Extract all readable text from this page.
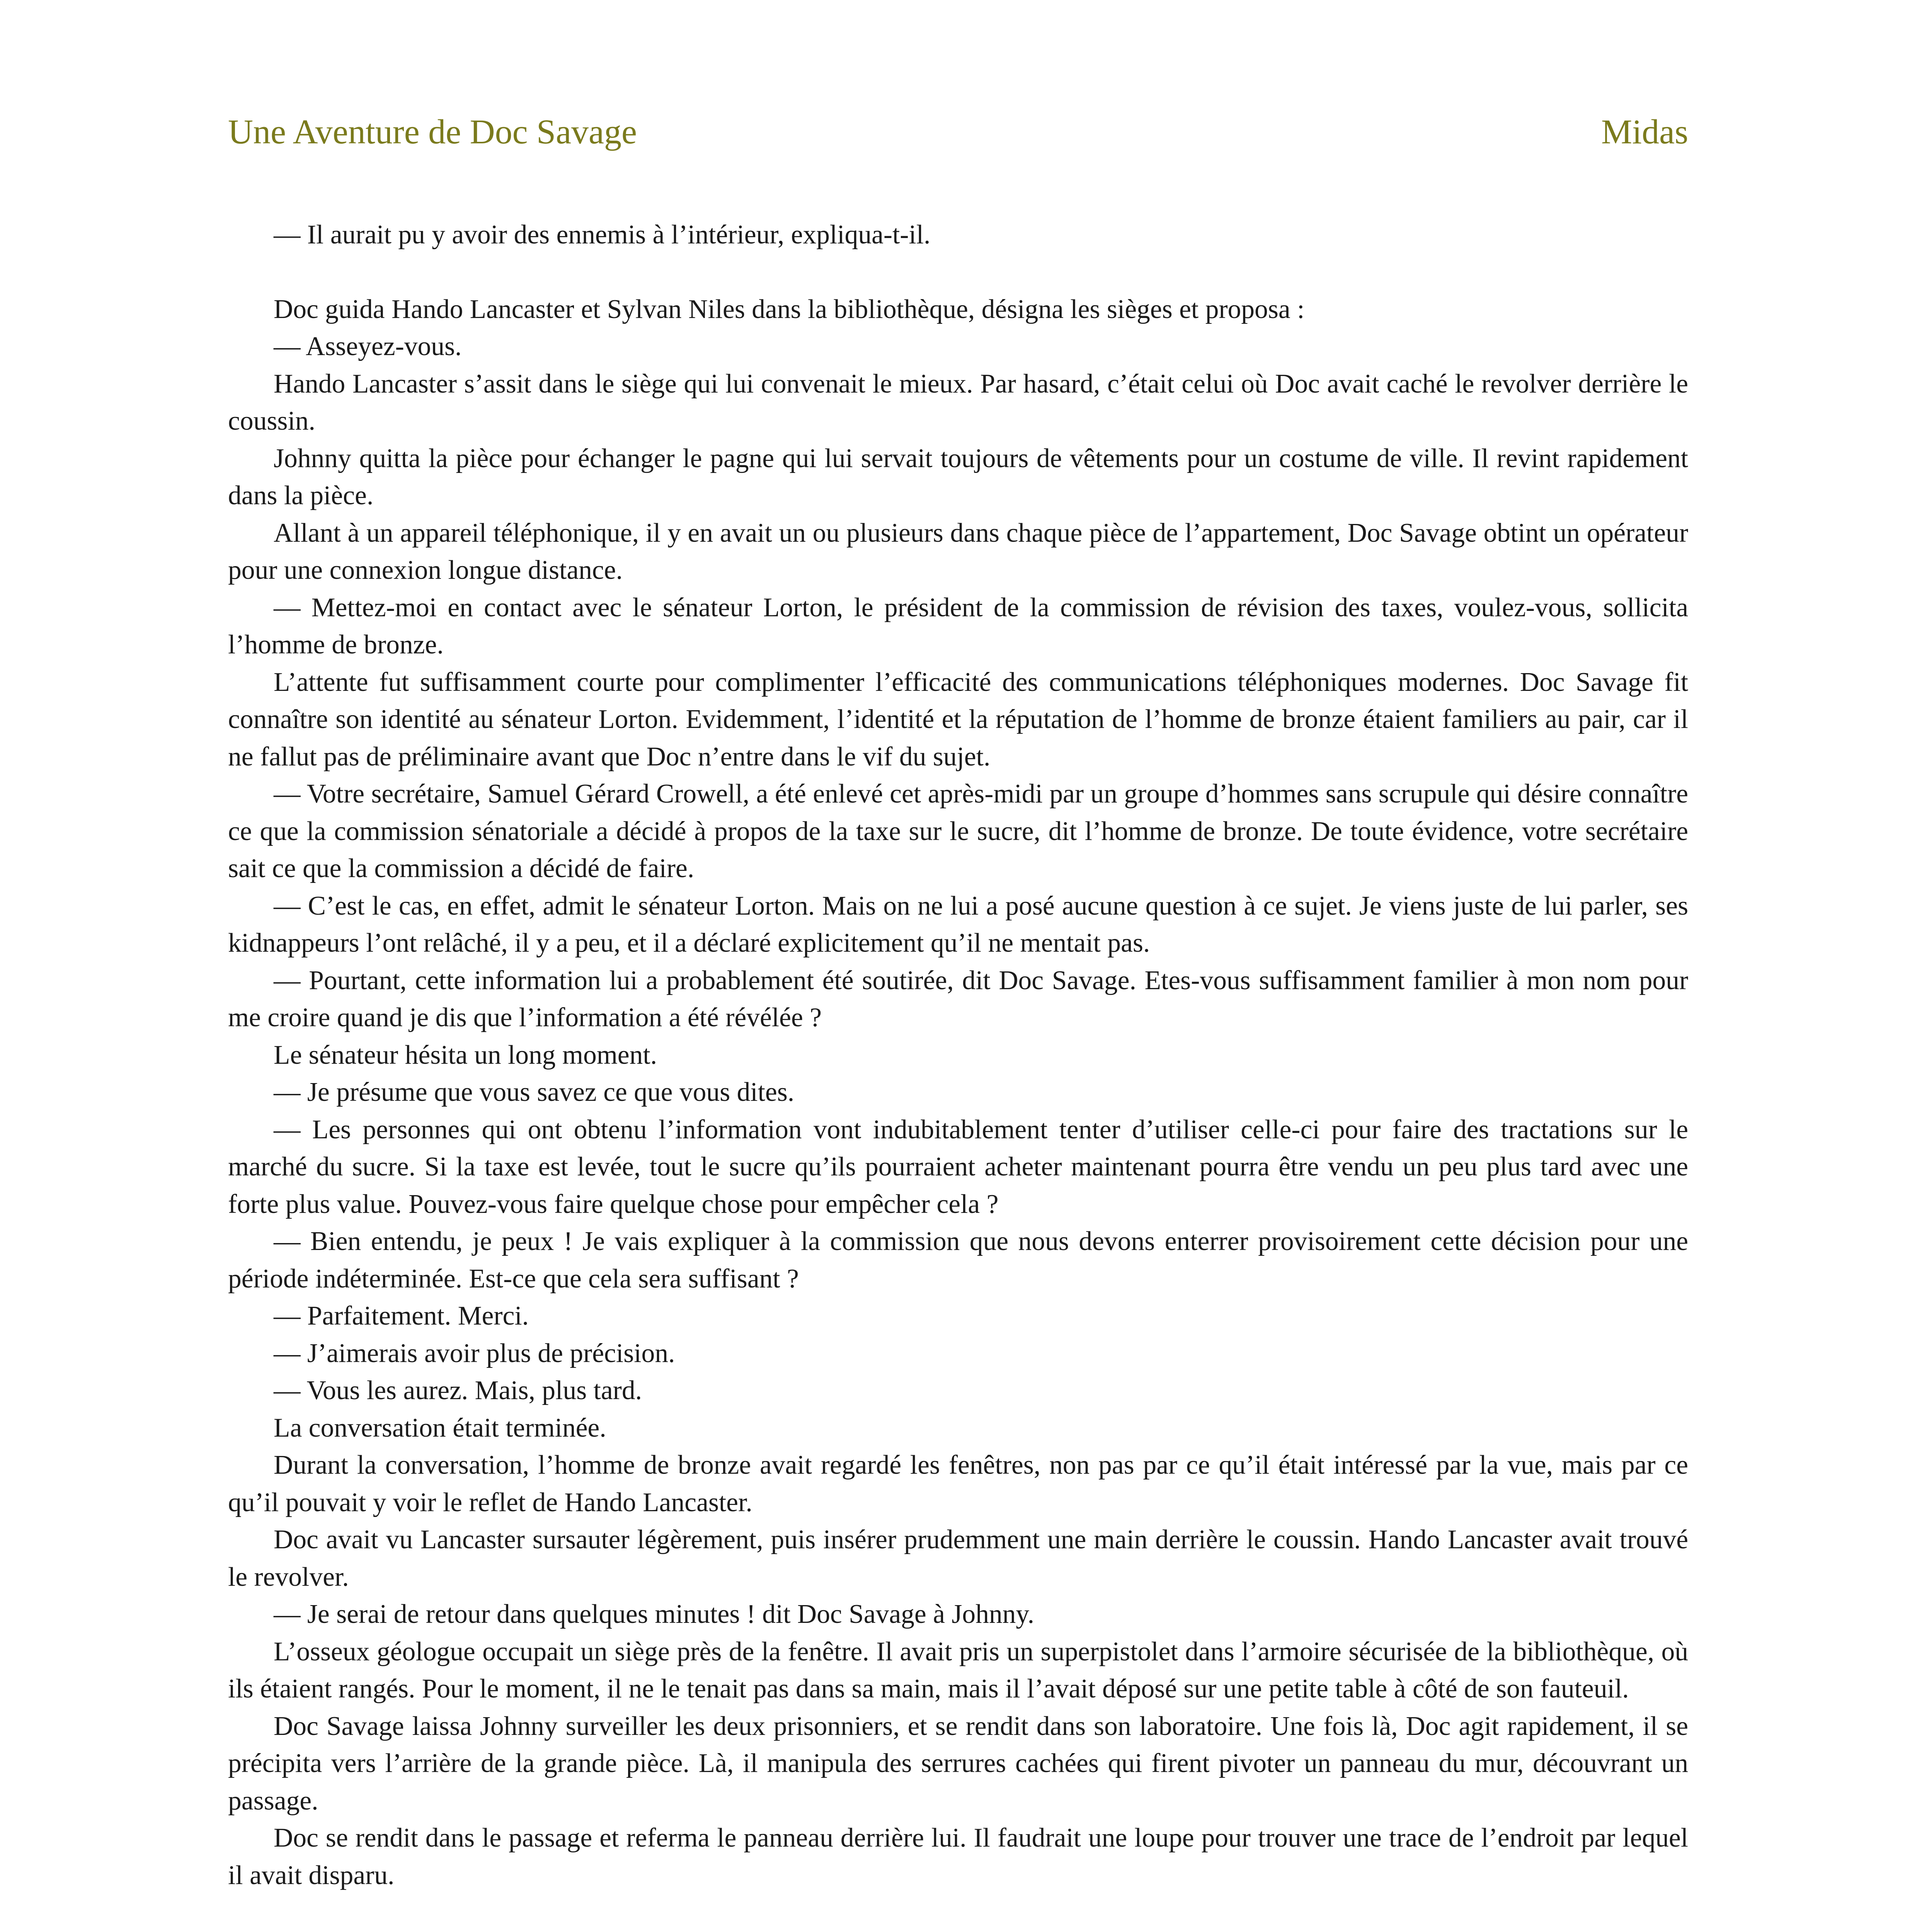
Une Aventure de Doc Savage	Midas

— Il aurait pu y avoir des ennemis à l’intérieur, expliqua-t-il.

Doc guida Hando Lancaster et Sylvan Niles dans la bibliothèque, désigna les sièges et proposa :

— Asseyez-vous.

Hando Lancaster s’assit dans le siège qui lui convenait le mieux. Par hasard, c’était celui où Doc avait caché le revolver derrière le coussin.

Johnny quitta la pièce pour échanger le pagne qui lui servait toujours de vêtements pour un costume de ville. Il revint rapidement dans la pièce.

Allant à un appareil téléphonique, il y en avait un ou plusieurs dans chaque pièce de l’appartement, Doc Savage obtint un opérateur pour une connexion longue distance.

— Mettez-moi en contact avec le sénateur Lorton, le président de la commission de révision des taxes, voulez-vous, sollicita l’homme de bronze.

L’attente fut suffisamment courte pour complimenter l’efficacité des communications téléphoniques modernes. Doc Savage fit connaître son identité au sénateur Lorton. Evidemment, l’identité et la réputation de l’homme de bronze étaient familiers au pair, car il ne fallut pas de préliminaire avant que Doc n’entre dans le vif du sujet.

— Votre secrétaire, Samuel Gérard Crowell, a été enlevé cet après-midi par un groupe d’hommes sans scrupule qui désire connaître ce que la commission sénatoriale a décidé à propos de la taxe sur le sucre, dit l’homme de bronze. De toute évidence, votre secrétaire sait ce que la commission a décidé de faire.

— C’est le cas, en effet, admit le sénateur Lorton. Mais on ne lui a posé aucune question à ce sujet. Je viens juste de lui parler, ses kidnappeurs l’ont relâché, il y a peu, et il a déclaré explicitement qu’il ne mentait pas.

— Pourtant, cette information lui a probablement été soutirée, dit Doc Savage. Etes-vous suffisamment familier à mon nom pour me croire quand je dis que l’information a été révélée ?

Le sénateur hésita un long moment.

— Je présume que vous savez ce que vous dites.

— Les personnes qui ont obtenu l’information vont indubitablement tenter d’utiliser celle-ci pour faire des tractations sur le marché du sucre. Si la taxe est levée, tout le sucre qu’ils pourraient acheter maintenant pourra être vendu un peu plus tard avec une forte plus value. Pouvez-vous faire quelque chose pour empêcher cela ?

— Bien entendu, je peux ! Je vais expliquer à la commission que nous devons enterrer provisoirement cette décision pour une période indéterminée. Est-ce que cela sera suffisant ?

— Parfaitement. Merci.

— J’aimerais avoir plus de précision.

— Vous les aurez. Mais, plus tard.

La conversation était terminée.

Durant la conversation, l’homme de bronze avait regardé les fenêtres, non pas par ce qu’il était intéressé par la vue, mais par ce qu’il pouvait y voir le reflet de Hando Lancaster.

Doc avait vu Lancaster sursauter légèrement, puis insérer prudemment une main derrière le coussin. Hando Lancaster avait trouvé le revolver.

— Je serai de retour dans quelques minutes ! dit Doc Savage à Johnny.

L’osseux géologue occupait un siège près de la fenêtre. Il avait pris un superpistolet dans l’armoire sécurisée de la bibliothèque, où ils étaient rangés. Pour le moment, il ne le tenait pas dans sa main, mais il l’avait déposé sur une petite table à côté de son fauteuil.

Doc Savage laissa Johnny surveiller les deux prisonniers, et se rendit dans son laboratoire. Une fois là, Doc agit rapidement, il se précipita vers l’arrière de la grande pièce. Là, il manipula des serrures cachées qui firent pivoter un panneau du mur, découvrant un passage.

Doc se rendit dans le passage et referma le panneau derrière lui. Il faudrait une loupe pour trouver une trace de l’endroit par lequel il avait disparu.
